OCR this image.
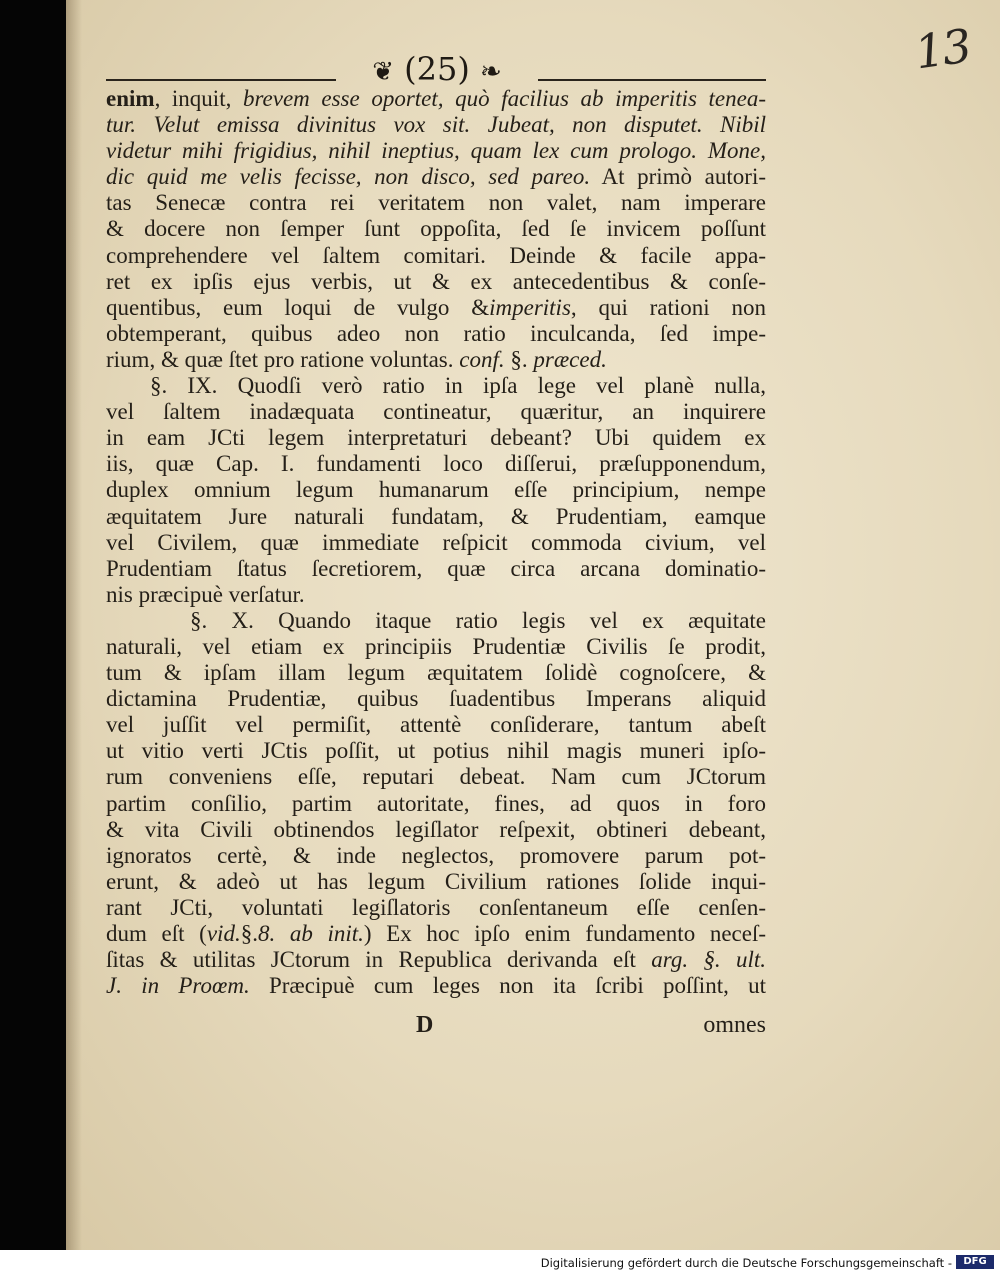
13
❦ (25) ❧
enim, inquit, brevem esse oportet, quò facilius ab imperitis tenea-
tur. Velut emissa divinitus vox sit. Jubeat, non disputet. Nibil
videtur mihi frigidius, nihil ineptius, quam lex cum prologo. Mone,
dic quid me velis fecisse, non disco, sed pareo. At primò autori-
tas Senecæ contra rei veritatem non valet, nam imperare
& docere non ſemper ſunt oppoſita, ſed ſe invicem poſſunt
comprehendere vel ſaltem comitari. Deinde & facile appa-
ret ex ipſis ejus verbis, ut & ex antecedentibus & conſe-
quentibus, eum loqui de vulgo &imperitis, qui rationi non
obtemperant, quibus adeo non ratio inculcanda, ſed impe-
rium, & quæ ſtet pro ratione voluntas. conf. §. præced.
§. IX. Quodſi verò ratio in ipſa lege vel planè nulla,
vel ſaltem inadæquata contineatur, quæritur, an inquirere
in eam JCti legem interpretaturi debeant? Ubi quidem ex
iis, quæ Cap. I. fundamenti loco diſſerui, præſupponendum,
duplex omnium legum humanarum eſſe principium, nempe
æquitatem Jure naturali fundatam, & Prudentiam, eamque
vel Civilem, quæ immediate reſpicit commoda civium, vel
Prudentiam ſtatus ſecretiorem, quæ circa arcana dominatio-
nis præcipuè verſatur.
§. X. Quando itaque ratio legis vel ex æquitate
naturali, vel etiam ex principiis Prudentiæ Civilis ſe prodit,
tum & ipſam illam legum æquitatem ſolidè cognoſcere, &
dictamina Prudentiæ, quibus ſuadentibus Imperans aliquid
vel juſſit vel permiſit, attentè conſiderare, tantum abeſt
ut vitio verti JCtis poſſit, ut potius nihil magis muneri ipſo-
rum conveniens eſſe, reputari debeat. Nam cum JCtorum
partim conſilio, partim autoritate, fines, ad quos in foro
& vita Civili obtinendos legiſlator reſpexit, obtineri debeant,
ignoratos certè, & inde neglectos, promovere parum pot-
erunt, & adeò ut has legum Civilium rationes ſolide inqui-
rant JCti, voluntati legiſlatoris conſentaneum eſſe cenſen-
dum eſt (vid.§.8. ab init.) Ex hoc ipſo enim fundamento neceſ-
ſitas & utilitas JCtorum in Republica derivanda eſt arg. §. ult.
J. in Proœm. Præcipuè cum leges non ita ſcribi poſſint, ut
D	omnes
Digitalisierung gefördert durch die Deutsche Forschungsgemeinschaft -	DFG
